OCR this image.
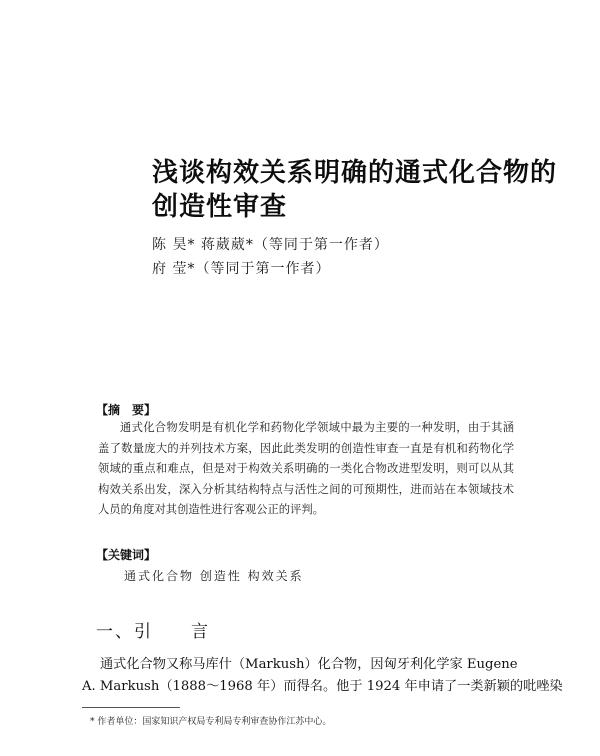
浅谈构效关系明确的通式化合物的
创造性审查
陈 昊* 蒋葳葳*（等同于第一作者）
府 莹*（等同于第一作者）
【摘　要】
通式化合物发明是有机化学和药物化学领域中最为主要的一种发明，由于其涵盖了数量庞大的并列技术方案，因此此类发明的创造性审查一直是有机和药物化学领域的重点和难点，但是对于构效关系明确的一类化合物改进型发明，则可以从其构效关系出发，深入分析其结构特点与活性之间的可预期性，进而站在本领域技术人员的角度对其创造性进行客观公正的评判。
【关键词】
通式化合物 创造性 构效关系
一、引　　言
通式化合物又称马库什（Markush）化合物，因匈牙利化学家 Eugene
A. Markush（1888～1968 年）而得名。他于 1924 年申请了一类新颖的吡唑染
* 作者单位：国家知识产权局专利局专利审查协作江苏中心。
